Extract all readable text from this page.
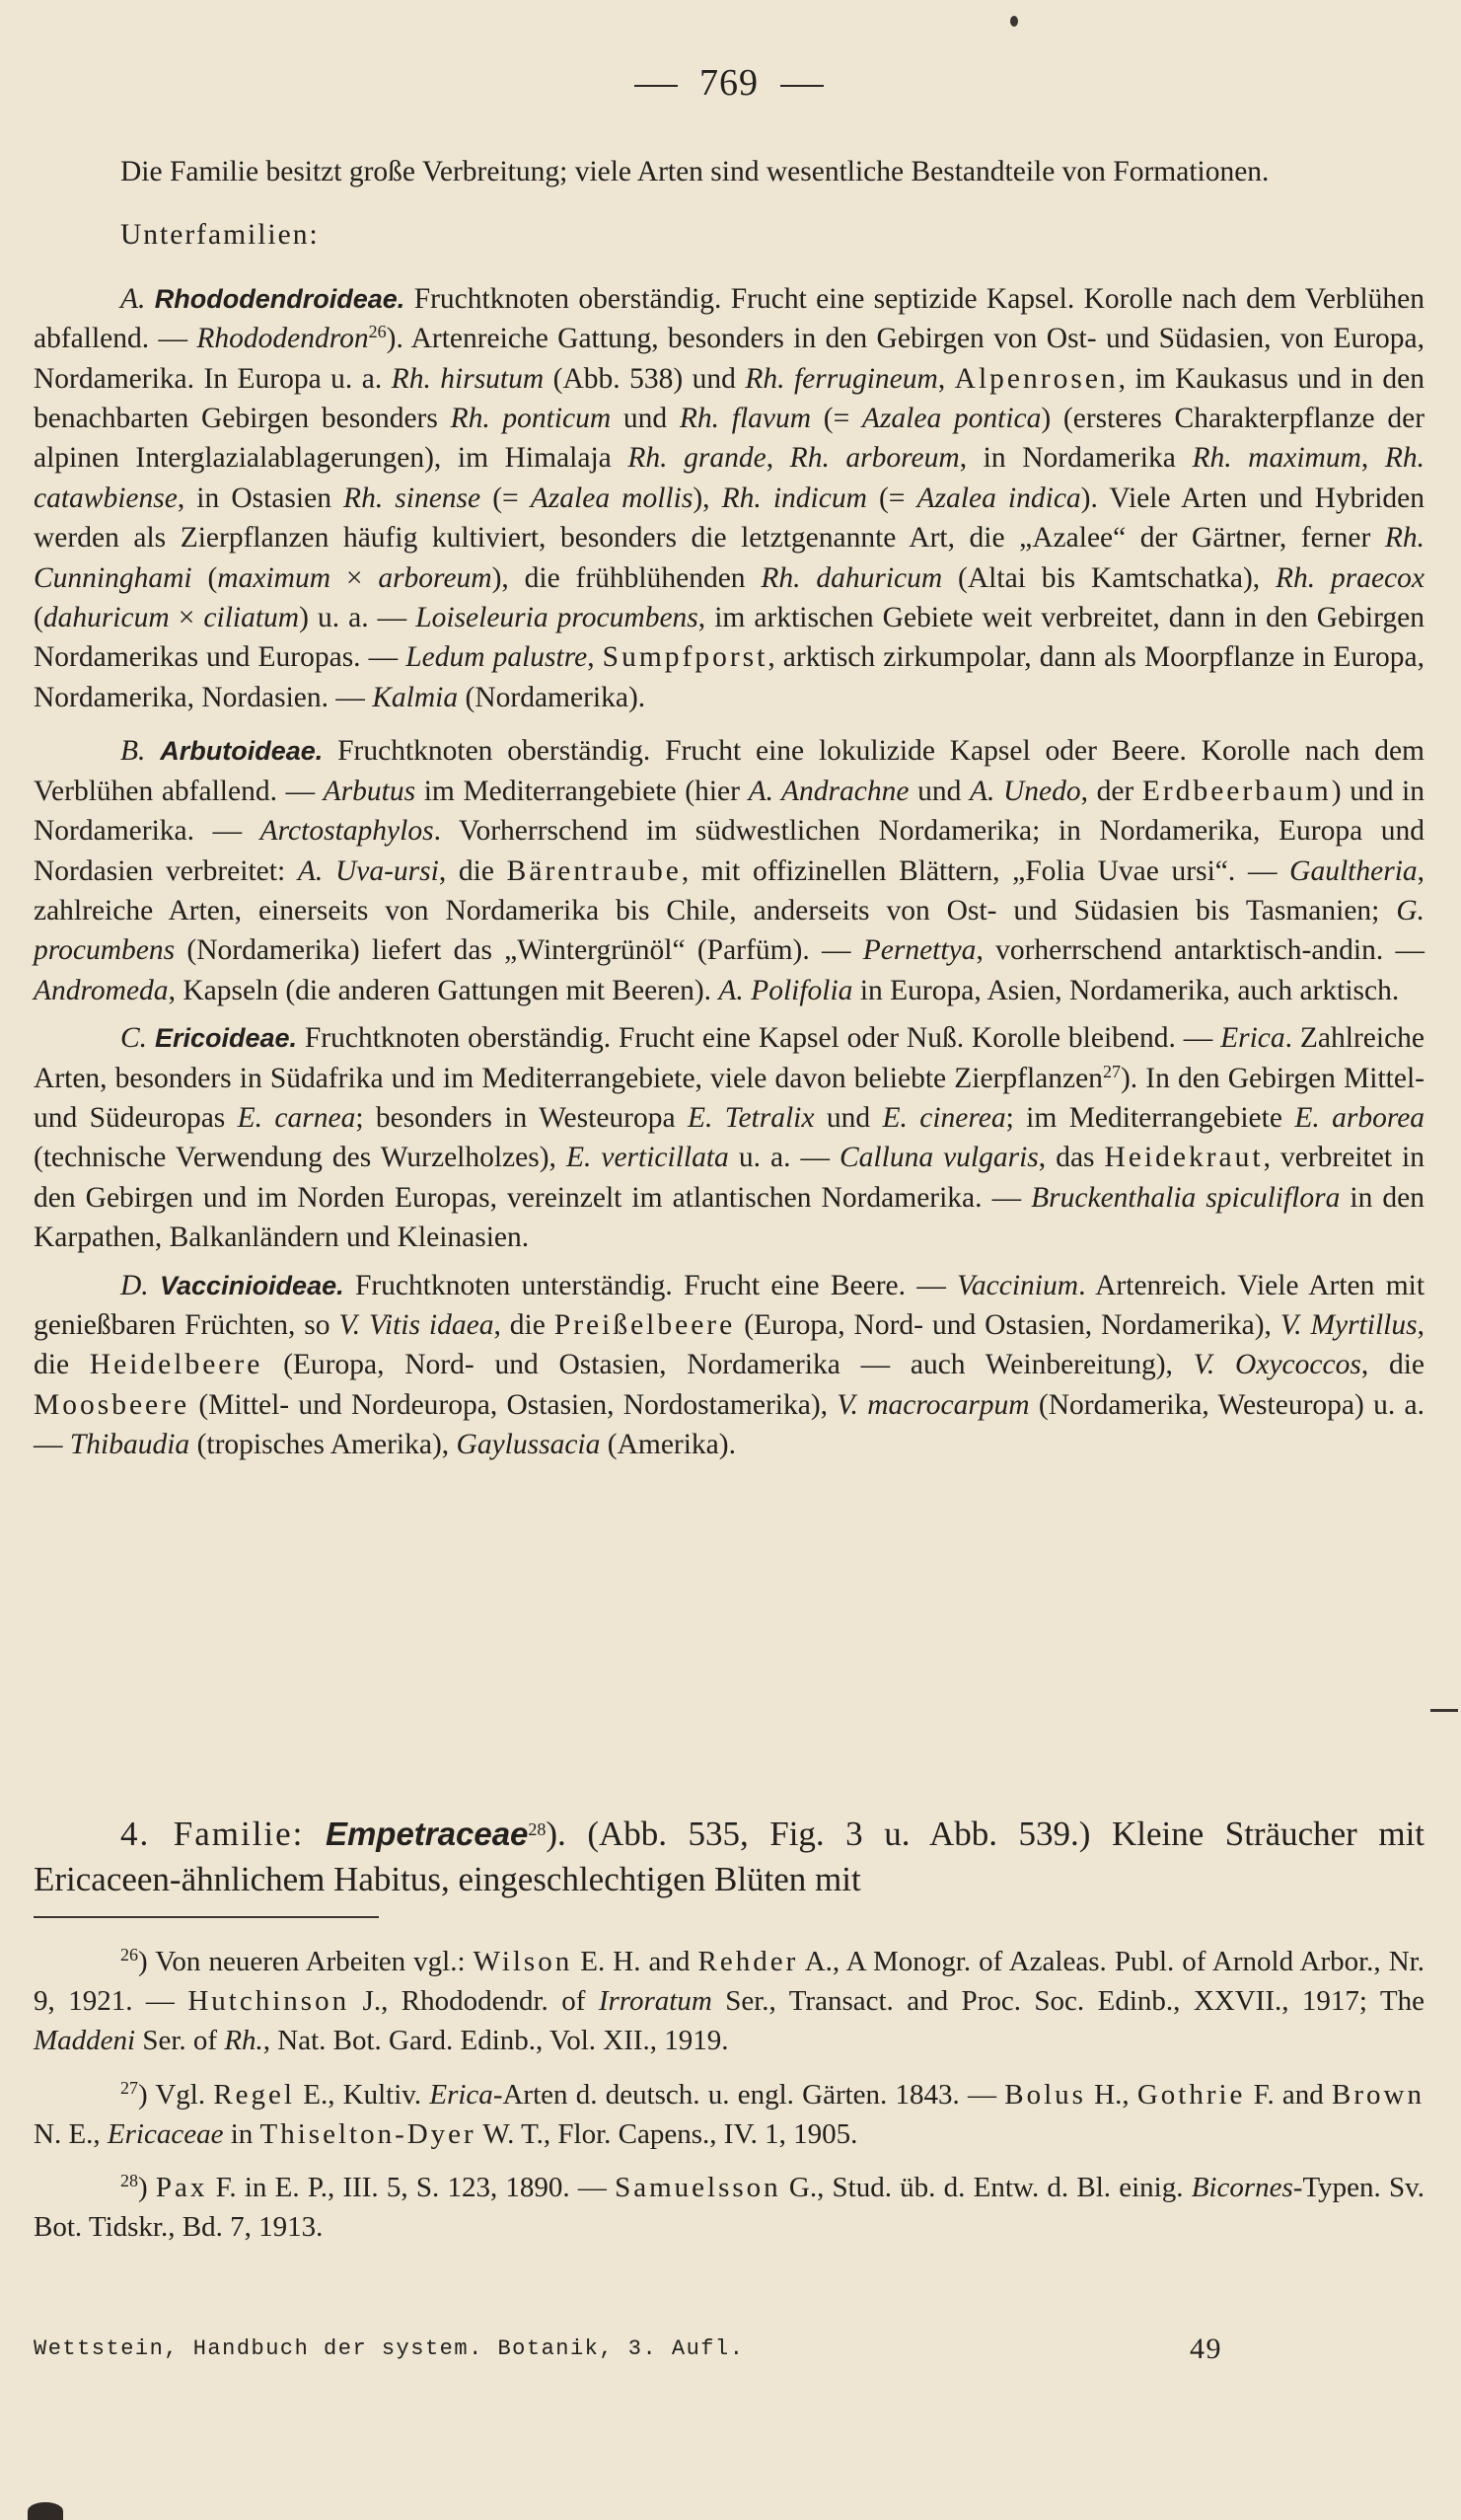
769

Die Familie besitzt große Verbreitung; viele Arten sind wesentliche Bestandteile von Formationen.

Unterfamilien:

A. Rhododendroideae. Fruchtknoten oberständig. Frucht eine septizide Kapsel. Korolle nach dem Verblühen abfallend. — Rhododendron$^{26}$). Artenreiche Gattung, besonders in den Gebirgen von Ost- und Südasien, von Europa, Nordamerika. In Europa u. a. Rh. hirsutum (Abb. 538) und Rh. ferrugineum, Alpenrosen, im Kaukasus und in den benachbarten Gebirgen besonders Rh. ponticum und Rh. flavum (= Azalea pontica) (ersteres Charakterpflanze der alpinen Interglazialablagerungen), im Himalaja Rh. grande, Rh. arboreum, in Nordamerika Rh. maximum, Rh. catawbiense, in Ostasien Rh. sinense (= Azalea mollis), Rh. indicum (= Azalea indica). Viele Arten und Hybriden werden als Zierpflanzen häufig kultiviert, besonders die letztgenannte Art, die „Azalee“ der Gärtner, ferner Rh. Cunninghami (maximum × arboreum), die frühblühenden Rh. dahuricum (Altai bis Kamtschatka), Rh. praecox (dahuricum × ciliatum) u. a. — Loiseleuria procumbens, im arktischen Gebiete weit verbreitet, dann in den Gebirgen Nordamerikas und Europas. — Ledum palustre, Sumpfporst, arktisch zirkumpolar, dann als Moorpflanze in Europa, Nordamerika, Nordasien. — Kalmia (Nordamerika).

B. Arbutoideae. Fruchtknoten oberständig. Frucht eine lokulizide Kapsel oder Beere. Korolle nach dem Verblühen abfallend. — Arbutus im Mediterrangebiete (hier A. Andrachne und A. Unedo, der Erdbeerbaum) und in Nordamerika. — Arctostaphylos. Vorherrschend im südwestlichen Nordamerika; in Nordamerika, Europa und Nordasien verbreitet: A. Uva-ursi, die Bärentraube, mit offizinellen Blättern, „Folia Uvae ursi“. — Gaultheria, zahlreiche Arten, einerseits von Nordamerika bis Chile, anderseits von Ost- und Südasien bis Tasmanien; G. procumbens (Nordamerika) liefert das „Wintergrünöl“ (Parfüm). — Pernettya, vorherrschend antarktisch-andin. — Andromeda, Kapseln (die anderen Gattungen mit Beeren). A. Polifolia in Europa, Asien, Nordamerika, auch arktisch.

C. Ericoideae. Fruchtknoten oberständig. Frucht eine Kapsel oder Nuß. Korolle bleibend. — Erica. Zahlreiche Arten, besonders in Südafrika und im Mediterrangebiete, viele davon beliebte Zierpflanzen$^{27}$). In den Gebirgen Mittel- und Südeuropas E. carnea; besonders in Westeuropa E. Tetralix und E. cinerea; im Mediterrangebiete E. arborea (technische Verwendung des Wurzelholzes), E. verticillata u. a. — Calluna vulgaris, das Heidekraut, verbreitet in den Gebirgen und im Norden Europas, vereinzelt im atlantischen Nordamerika. — Bruckenthalia spiculiflora in den Karpathen, Balkanländern und Kleinasien.

D. Vaccinioideae. Fruchtknoten unterständig. Frucht eine Beere. — Vaccinium. Artenreich. Viele Arten mit genießbaren Früchten, so V. Vitis idaea, die Preißelbeere (Europa, Nord- und Ostasien, Nordamerika), V. Myrtillus, die Heidelbeere (Europa, Nord- und Ostasien, Nordamerika — auch Weinbereitung), V. Oxycoccos, die Moosbeere (Mittel- und Nordeuropa, Ostasien, Nordostamerika), V. macrocarpum (Nordamerika, Westeuropa) u. a. — Thibaudia (tropisches Amerika), Gaylussacia (Amerika).

4. Familie: Empetraceae$^{28}$). (Abb. 535, Fig. 3 u. Abb. 539.) Kleine Sträucher mit Ericaceen-ähnlichem Habitus, eingeschlechtigen Blüten mit

$^{26}$) Von neueren Arbeiten vgl.: Wilson E. H. and Rehder A., A Monogr. of Azaleas. Publ. of Arnold Arbor., Nr. 9, 1921. — Hutchinson J., Rhododendr. of Irroratum Ser., Transact. and Proc. Soc. Edinb., XXVII., 1917; The Maddeni Ser. of Rh., Nat. Bot. Gard. Edinb., Vol. XII., 1919.

$^{27}$) Vgl. Regel E., Kultiv. Erica-Arten d. deutsch. u. engl. Gärten. 1843. — Bolus H., Gothrie F. and Brown N. E., Ericaceae in Thiselton-Dyer W. T., Flor. Capens., IV. 1, 1905.

$^{28}$) Pax F. in E. P., III. 5, S. 123, 1890. — Samuelsson G., Stud. üb. d. Entw. d. Bl. einig. Bicornes-Typen. Sv. Bot. Tidskr., Bd. 7, 1913.

Wettstein, Handbuch der system. Botanik, 3. Aufl.	49
